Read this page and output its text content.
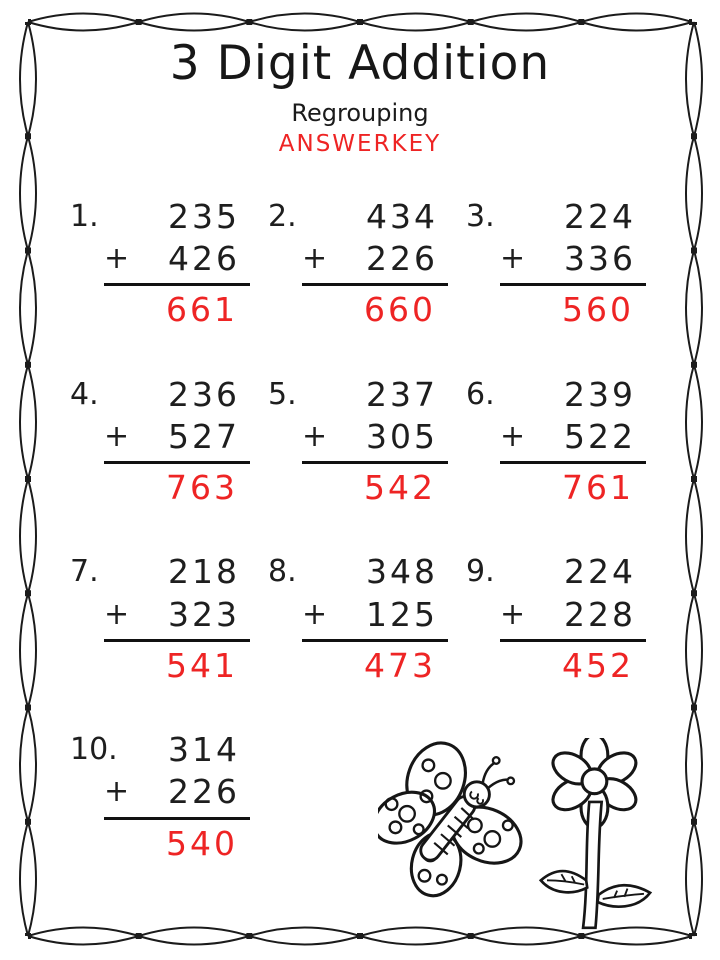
3 Digit Addition
Regrouping
ANSWERKEY
1.	235
+ 426
661
2.	434
+ 226
660
3.	224
+ 336
560
4.	236
+ 527
763
5.	237
+ 305
542
6.	239
+ 522
761
7.	218
+ 323
541
8.	348
+ 125
473
9.	224
+ 228
452
10.	314
+ 226
540
